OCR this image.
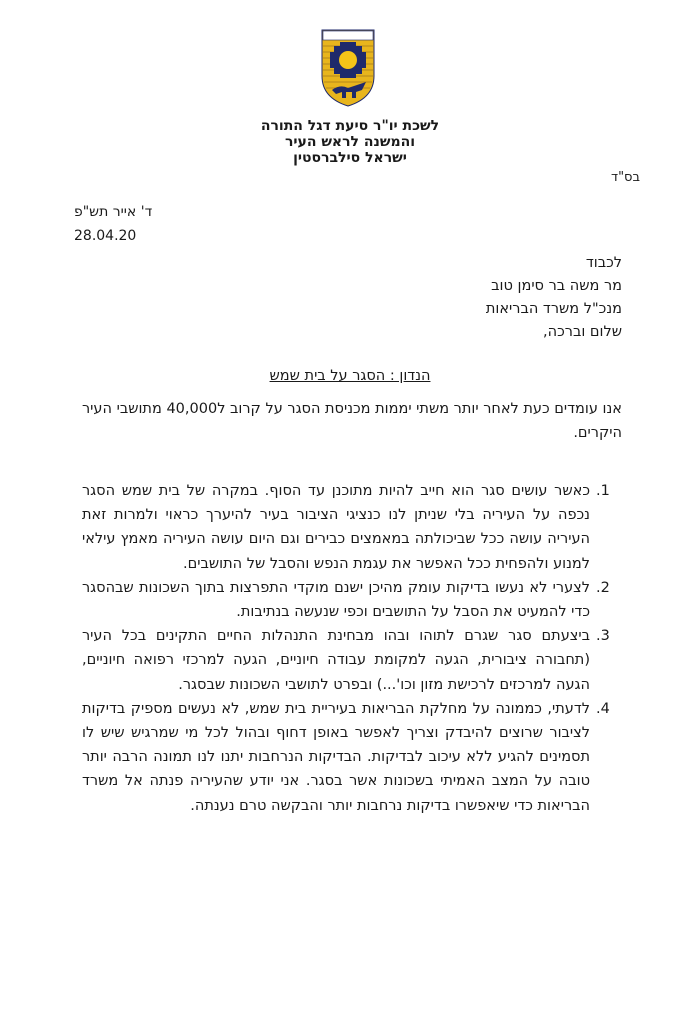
לשכת יו"ר סיעת דגל התורה
והמשנה לראש העיר
ישראל סילברסטין
בס"ד
ד' אייר תש"פ
28.04.20
לכבוד
מר משה בר סימן טוב
מנכ"ל משרד הבריאות
שלום וברכה,
הנדון : הסגר על בית שמש
אנו עומדים כעת לאחר יותר משתי יממות מכניסת הסגר על קרוב ל40,000 מתושבי העיר היקרים.
1.
כאשר עושים סגר הוא חייב להיות מתוכנן עד הסוף. במקרה של בית שמש הסגר נכפה על העיריה בלי שניתן לנו כנציגי הציבור בעיר להיערך כראוי ולמרות זאת העיריה עושה ככל שביכולתה במאמצים כבירים וגם היום עושה העיריה מאמץ עילאי למנוע ולהפחית ככל האפשר את עגמת הנפש והסבל של התושבים.
2.
לצערי לא נעשו בדיקות עומק מהיכן ישנם מוקדי התפרצות בתוך השכונות שבהסגר כדי להמעיט את הסבל על התושבים וכפי שנעשה בנתיבות.
3.
ביצעתם סגר שגרם לתוהו ובהו מבחינת התנהלות החיים התקינים בכל העיר (תחבורה ציבורית, הגעה למקומת עבודה חיוניים, הגעה למרכזי רפואה חיוניים, הגעה למרכזים לרכישת מזון וכו'...) ובפרט לתושבי השכונות שבסגר.
4.
לדעתי, כממונה על מחלקת הבריאות בעיריית בית שמש, לא נעשים מספיק בדיקות לציבור שרוצים להיבדק וצריך לאפשר באופן דחוף ובהול לכל מי שמרגיש שיש לו תסמינים להגיע ללא עיכוב לבדיקות. הבדיקות הנרחבות יתנו לנו תמונה הרבה יותר טובה על המצב האמיתי בשכונות אשר בסגר. אני יודע שהעיריה פנתה אל משרד הבריאות כדי שיאפשרו בדיקות נרחבות יותר והבקשה טרם נענתה.
